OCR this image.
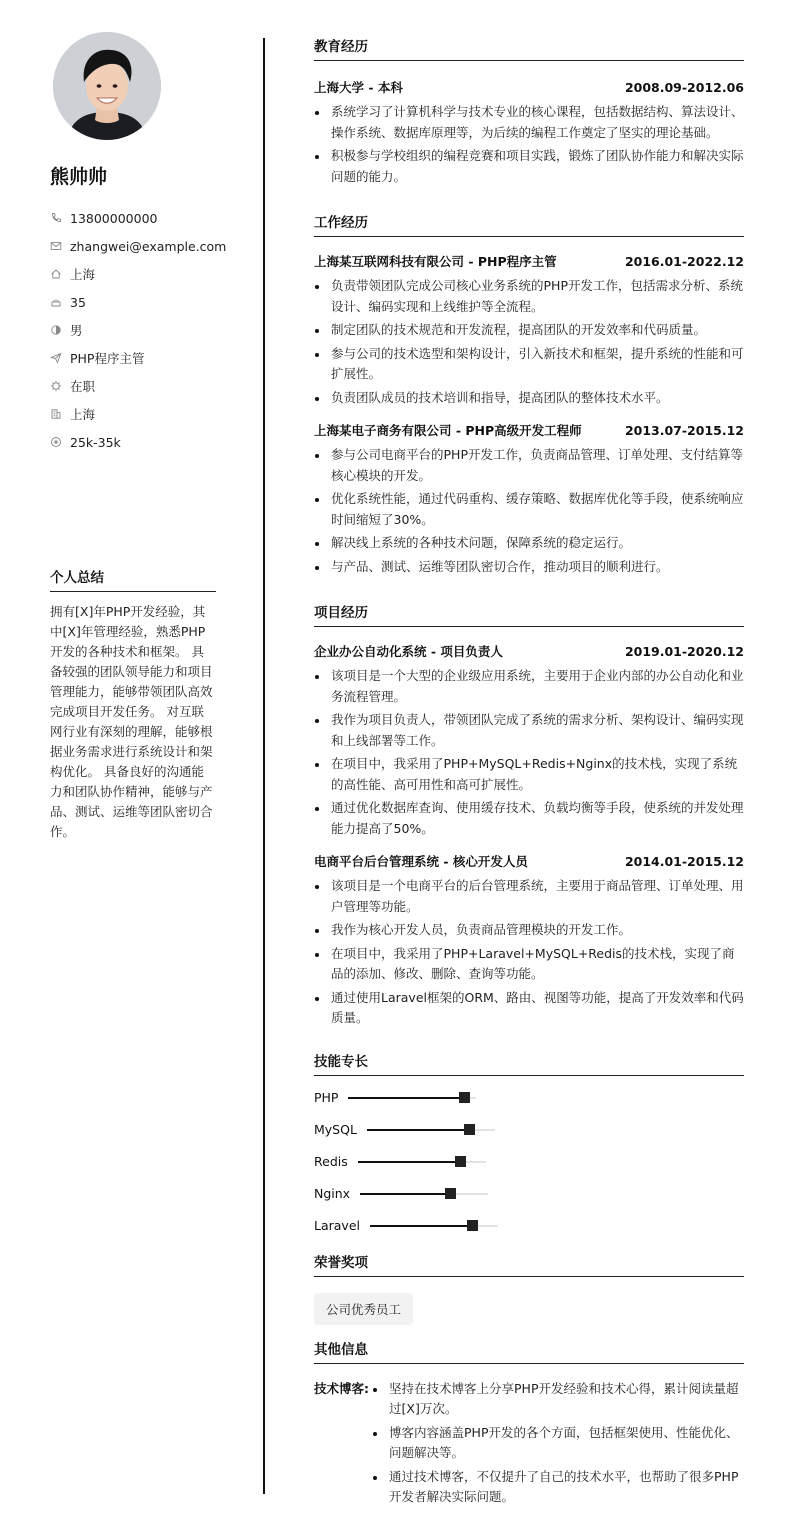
熊帅帅
13800000000
zhangwei@example.com
上海
35
男
PHP程序主管
在职
上海
25k-35k
个人总结

拥有[X]年PHP开发经验，其中[X]年管理经验，熟悉PHP开发的各种技术和框架。 具备较强的团队领导能力和项目管理能力，能够带领团队高效完成项目开发任务。 对互联网行业有深刻的理解，能够根据业务需求进行系统设计和架构优化。 具备良好的沟通能力和团队协作精神，能够与产品、测试、运维等团队密切合作。

教育经历
上海大学 - 本科	2008.09-2012.06
系统学习了计算机科学与技术专业的核心课程，包括数据结构、算法设计、操作系统、数据库原理等，为后续的编程工作奠定了坚实的理论基础。
积极参与学校组织的编程竞赛和项目实践，锻炼了团队协作能力和解决实际问题的能力。
工作经历
上海某互联网科技有限公司 - PHP程序主管	2016.01-2022.12
负责带领团队完成公司核心业务系统的PHP开发工作，包括需求分析、系统设计、编码实现和上线维护等全流程。
制定团队的技术规范和开发流程，提高团队的开发效率和代码质量。
参与公司的技术选型和架构设计，引入新技术和框架，提升系统的性能和可扩展性。
负责团队成员的技术培训和指导，提高团队的整体技术水平。
上海某电子商务有限公司 - PHP高级开发工程师	2013.07-2015.12
参与公司电商平台的PHP开发工作，负责商品管理、订单处理、支付结算等核心模块的开发。
优化系统性能，通过代码重构、缓存策略、数据库优化等手段，使系统响应时间缩短了30%。
解决线上系统的各种技术问题，保障系统的稳定运行。
与产品、测试、运维等团队密切合作，推动项目的顺利进行。
项目经历
企业办公自动化系统 - 项目负责人	2019.01-2020.12
该项目是一个大型的企业级应用系统，主要用于企业内部的办公自动化和业务流程管理。
我作为项目负责人，带领团队完成了系统的需求分析、架构设计、编码实现和上线部署等工作。
在项目中，我采用了PHP+MySQL+Redis+Nginx的技术栈，实现了系统的高性能、高可用性和高可扩展性。
通过优化数据库查询、使用缓存技术、负载均衡等手段，使系统的并发处理能力提高了50%。
电商平台后台管理系统 - 核心开发人员	2014.01-2015.12
该项目是一个电商平台的后台管理系统，主要用于商品管理、订单处理、用户管理等功能。
我作为核心开发人员，负责商品管理模块的开发工作。
在项目中，我采用了PHP+Laravel+MySQL+Redis的技术栈，实现了商品的添加、修改、删除、查询等功能。
通过使用Laravel框架的ORM、路由、视图等功能，提高了开发效率和代码质量。
技能专长
PHP
MySQL
Redis
Nginx
Laravel
荣誉奖项
公司优秀员工
其他信息
技术博客:	坚持在技术博客上分享PHP开发经验和技术心得，累计阅读量超过[X]万次。
博客内容涵盖PHP开发的各个方面，包括框架使用、性能优化、问题解决等。
通过技术博客，不仅提升了自己的技术水平，也帮助了很多PHP开发者解决实际问题。
